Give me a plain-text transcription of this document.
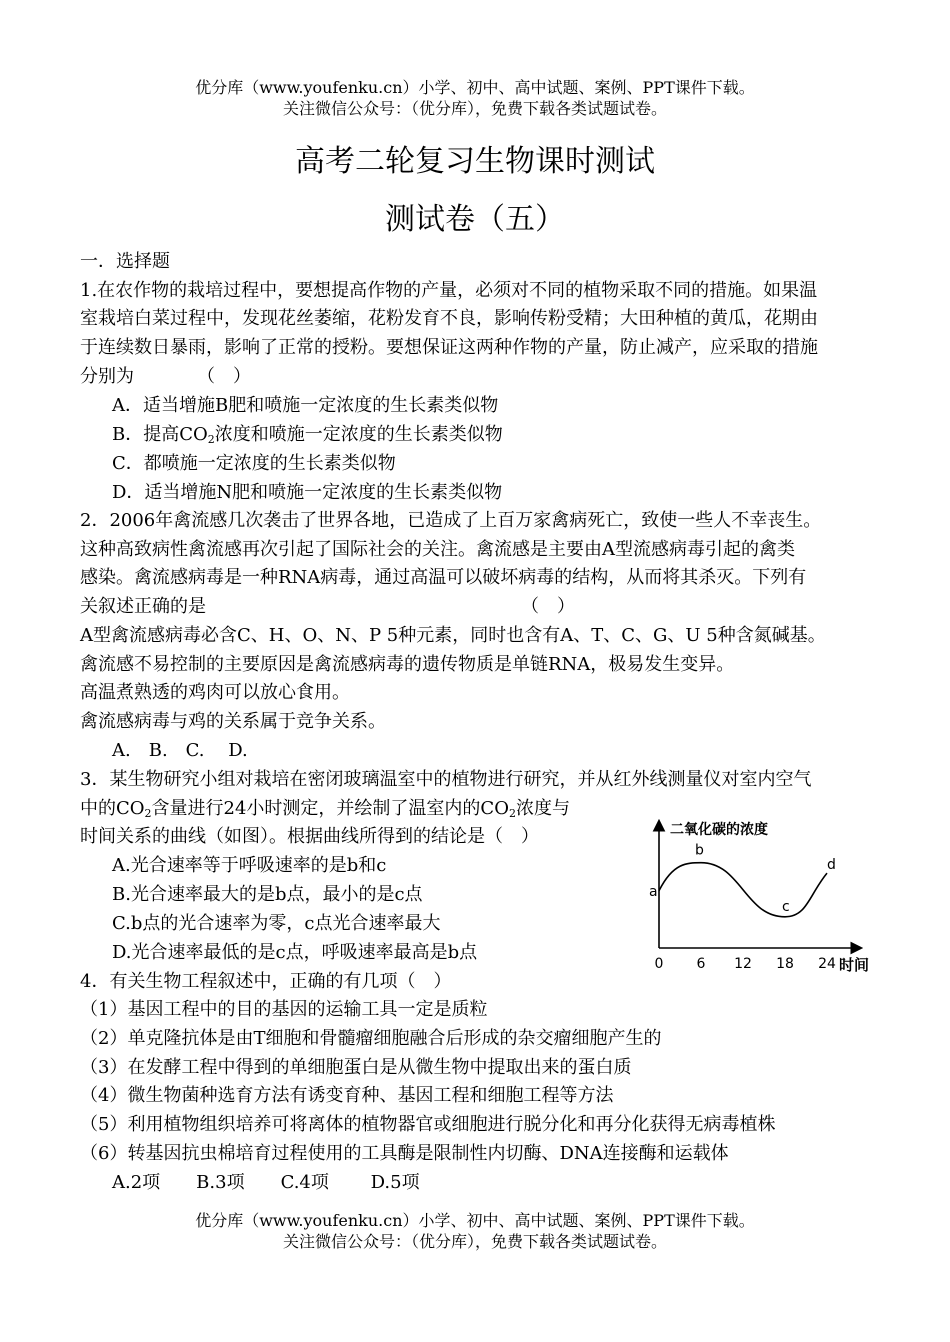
优分库（www.youfenku.cn）小学、初中、高中试题、案例、PPT课件下载。
关注微信公众号：（优分库），免费下载各类试题试卷。
高考二轮复习生物课时测试
测试卷（五）
一．选择题
1.在农作物的栽培过程中，要想提高作物的产量，必须对不同的植物采取不同的措施。如果温
室栽培白菜过程中，发现花丝萎缩，花粉发育不良，影响传粉受精；大田种植的黄瓜，花期由
于连续数日暴雨，影响了正常的授粉。要想保证这两种作物的产量，防止减产，应采取的措施
分别为　　　　（　）
A．适当增施B肥和喷施一定浓度的生长素类似物
B．提高$CO_2$浓度和喷施一定浓度的生长素类似物
C．都喷施一定浓度的生长素类似物
D．适当增施N肥和喷施一定浓度的生长素类似物
2．2006年禽流感几次袭击了世界各地，已造成了上百万家禽病死亡，致使一些人不幸丧生。
这种高致病性禽流感再次引起了国际社会的关注。禽流感是主要由A型流感病毒引起的禽类
感染。禽流感病毒是一种RNA病毒，通过高温可以破坏病毒的结构，从而将其杀灭。下列有
关叙述正确的是　　　　　　　　　　　　　　　　　　（　）
A型禽流感病毒必含C、H、O、N、P 5种元素，同时也含有A、T、C、G、U 5种含氮碱基。
禽流感不易控制的主要原因是禽流感病毒的遗传物质是单链RNA，极易发生变异。
高温煮熟透的鸡肉可以放心食用。
禽流感病毒与鸡的关系属于竞争关系。
A.　B.　C.　 D.
3．某生物研究小组对栽培在密闭玻璃温室中的植物进行研究，并从红外线测量仪对室内空气
中的$CO_2$含量进行24小时测定，并绘制了温室内的$CO_2$浓度与
时间关系的曲线（如图）。根据曲线所得到的结论是（　）
A.光合速率等于呼吸速率的是b和c
B.光合速率最大的是b点，最小的是c点
C.b点的光合速率为零，c点光合速率最大
D.光合速率最低的是c点，呼吸速率最高是b点
二氧化碳的浓度
时间
0 6 12 18 24
a
b
c
d
4．有关生物工程叙述中，正确的有几项（　）
（1）基因工程中的目的基因的运输工具一定是质粒
（2）单克隆抗体是由T细胞和骨髓瘤细胞融合后形成的杂交瘤细胞产生的
（3）在发酵工程中得到的单细胞蛋白是从微生物中提取出来的蛋白质
（4）微生物菌种选育方法有诱变育种、基因工程和细胞工程等方法
（5）利用植物组织培养可将离体的植物器官或细胞进行脱分化和再分化获得无病毒植株
（6）转基因抗虫棉培育过程使用的工具酶是限制性内切酶、DNA连接酶和运载体
A.2项　　B.3项　　C.4项　　 D.5项
优分库（www.youfenku.cn）小学、初中、高中试题、案例、PPT课件下载。
关注微信公众号：（优分库），免费下载各类试题试卷。
